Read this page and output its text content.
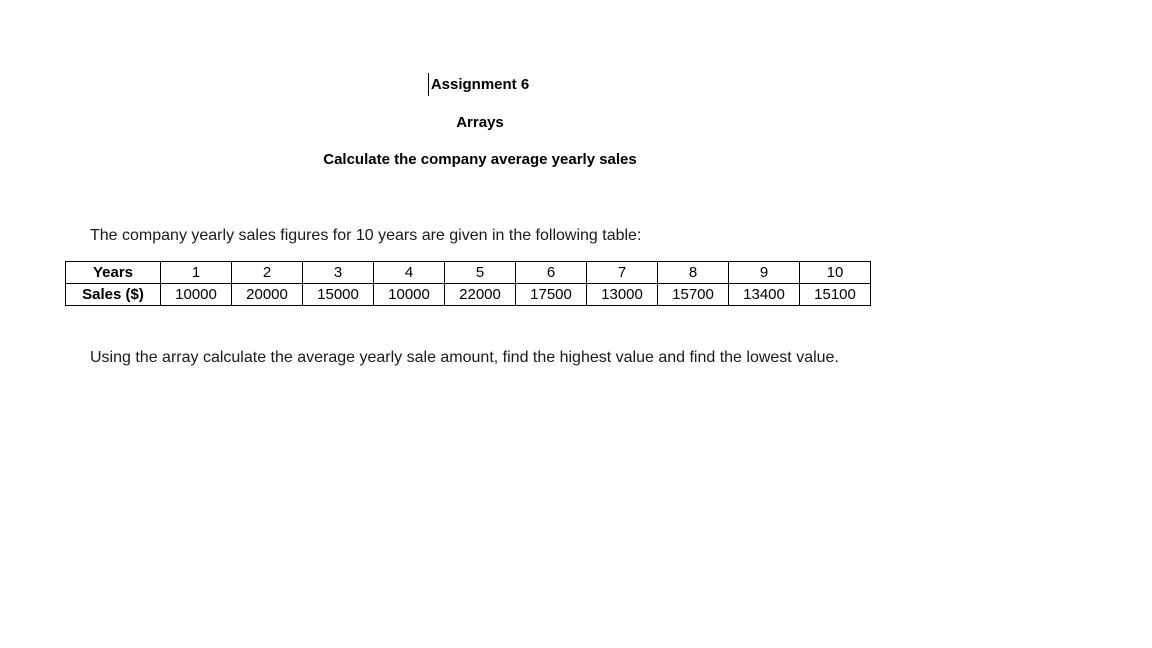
Assignment 6
Arrays
Calculate the company average yearly sales
The company yearly sales figures for 10 years are given in the following table:
Years	1	2	3	4	5	6	7	8	9	10
Sales ($)	10000	20000	15000	10000	22000	17500	13000	15700	13400	15100
Using the array calculate the average yearly sale amount, find the highest value and find the lowest value.
